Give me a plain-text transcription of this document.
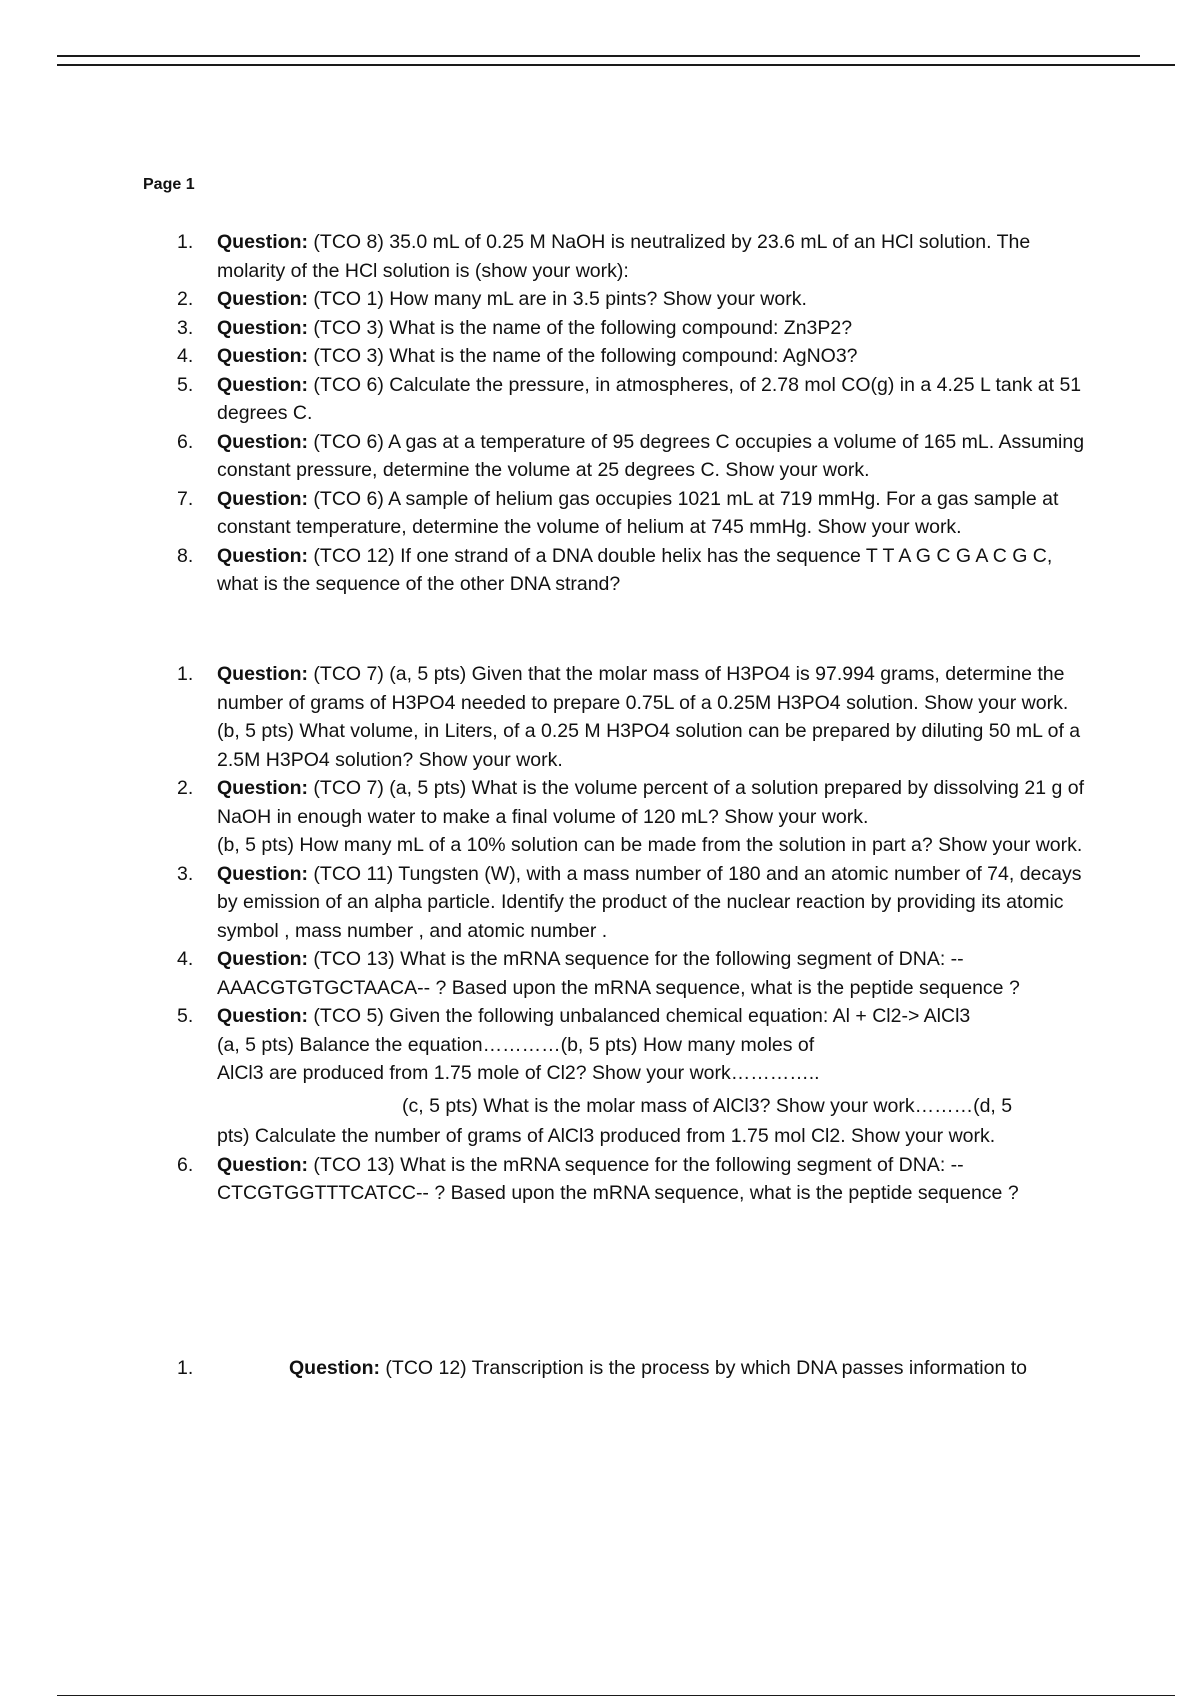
Page 1
1. Question: (TCO 8) 35.0 mL of 0.25 M NaOH is neutralized by 23.6 mL of an HCl solution. The molarity of the HCl solution is (show your work):
2. Question: (TCO 1) How many mL are in 3.5 pints? Show your work.
3. Question: (TCO 3) What is the name of the following compound: Zn3P2?
4. Question: (TCO 3) What is the name of the following compound: AgNO3?
5. Question: (TCO 6) Calculate the pressure, in atmospheres, of 2.78 mol CO(g) in a 4.25 L tank at 51 degrees C.
6. Question: (TCO 6) A gas at a temperature of 95 degrees C occupies a volume of 165 mL. Assuming constant pressure, determine the volume at 25 degrees C. Show your work.
7. Question: (TCO 6) A sample of helium gas occupies 1021 mL at 719 mmHg. For a gas sample at constant temperature, determine the volume of helium at 745 mmHg. Show your work.
8. Question: (TCO 12) If one strand of a DNA double helix has the sequence T T A G C G A C G C, what is the sequence of the other DNA strand?
1. Question: (TCO 7) (a, 5 pts) Given that the molar mass of H3PO4 is 97.994 grams, determine the number of grams of H3PO4 needed to prepare 0.75L of a 0.25M H3PO4 solution. Show your work. (b, 5 pts) What volume, in Liters, of a 0.25 M H3PO4 solution can be prepared by diluting 50 mL of a 2.5M H3PO4 solution? Show your work.
2. Question: (TCO 7) (a, 5 pts) What is the volume percent of a solution prepared by dissolving 21 g of NaOH in enough water to make a final volume of 120 mL? Show your work.
(b, 5 pts) How many mL of a 10% solution can be made from the solution in part a? Show your work.
3. Question: (TCO 11) Tungsten (W), with a mass number of 180 and an atomic number of 74, decays by emission of an alpha particle. Identify the product of the nuclear reaction by providing its atomic symbol , mass number , and atomic number .
4. Question: (TCO 13) What is the mRNA sequence for the following segment of DNA: --AAACGTGTGCTAACA-- ? Based upon the mRNA sequence, what is the peptide sequence ?
5. Question: (TCO 5) Given the following unbalanced chemical equation: Al + Cl2-> AlCl3
(a, 5 pts) Balance the equation…………(b, 5 pts) How many moles of
AlCl3 are produced from 1.75 mole of Cl2? Show your work…………..
(c, 5 pts) What is the molar mass of AlCl3? Show your work………(d, 5
pts) Calculate the number of grams of AlCl3 produced from 1.75 mol Cl2. Show your work.
6. Question: (TCO 13) What is the mRNA sequence for the following segment of DNA: --CTCGTGGTTTCATCC-- ? Based upon the mRNA sequence, what is the peptide sequence ?
1.	Question: (TCO 12) Transcription is the process by which DNA passes information to
